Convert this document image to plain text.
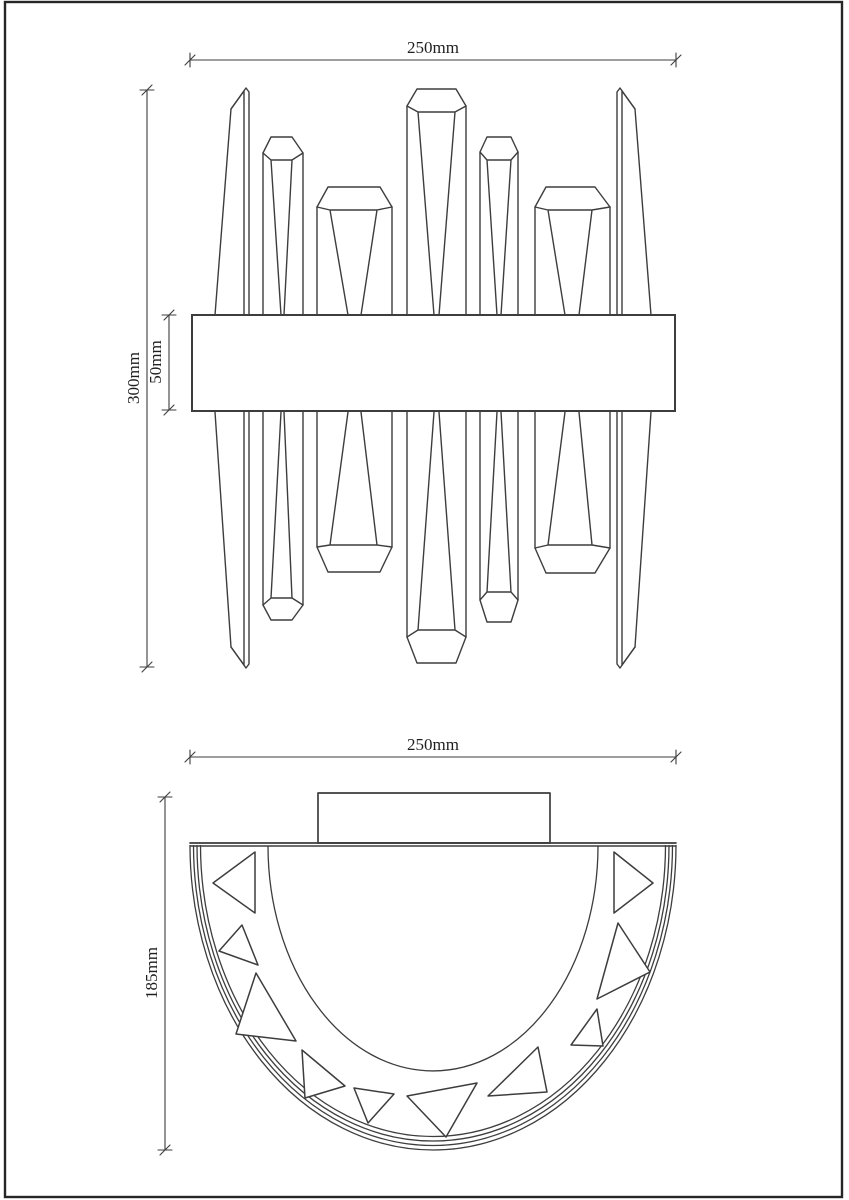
250mm
300mm 50mm
250mm
185mm
